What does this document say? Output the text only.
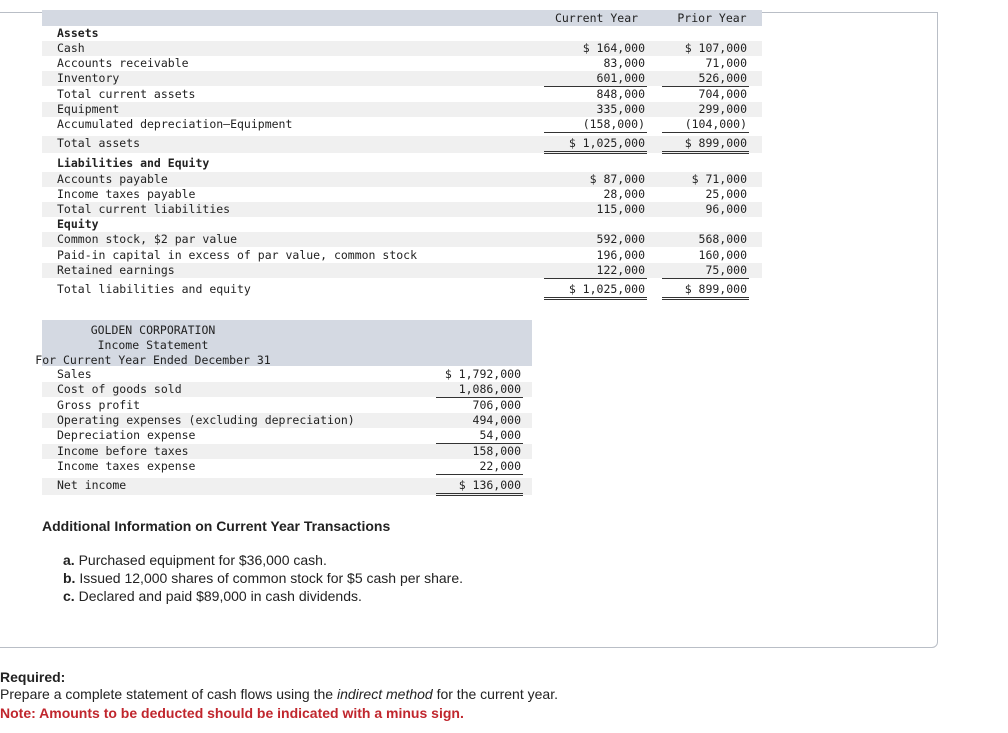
Current Year	Prior Year
Assets
Cash	$ 164,000	$ 107,000
Accounts receivable	83,000	71,000
Inventory	601,000	526,000
Total current assets	848,000	704,000
Equipment	335,000	299,000
Accumulated depreciation—Equipment	(158,000)	(104,000)
Total assets	$ 1,025,000	$ 899,000
Liabilities and Equity
Accounts payable	$ 87,000	$ 71,000
Income taxes payable	28,000	25,000
Total current liabilities	115,000	96,000
Equity
Common stock, $2 par value	592,000	568,000
Paid-in capital in excess of par value, common stock	196,000	160,000
Retained earnings	122,000	75,000
Total liabilities and equity	$ 1,025,000	$ 899,000
GOLDEN CORPORATION
Income Statement
For Current Year Ended December 31
Sales	$ 1,792,000
Cost of goods sold	1,086,000
Gross profit	706,000
Operating expenses (excluding depreciation)	494,000
Depreciation expense	54,000
Income before taxes	158,000
Income taxes expense	22,000
Net income	$ 136,000
Additional Information on Current Year Transactions
a. Purchased equipment for $36,000 cash.
b. Issued 12,000 shares of common stock for $5 cash per share.
c. Declared and paid $89,000 in cash dividends.
Required:
Prepare a complete statement of cash flows using the indirect method for the current year.
Note: Amounts to be deducted should be indicated with a minus sign.
